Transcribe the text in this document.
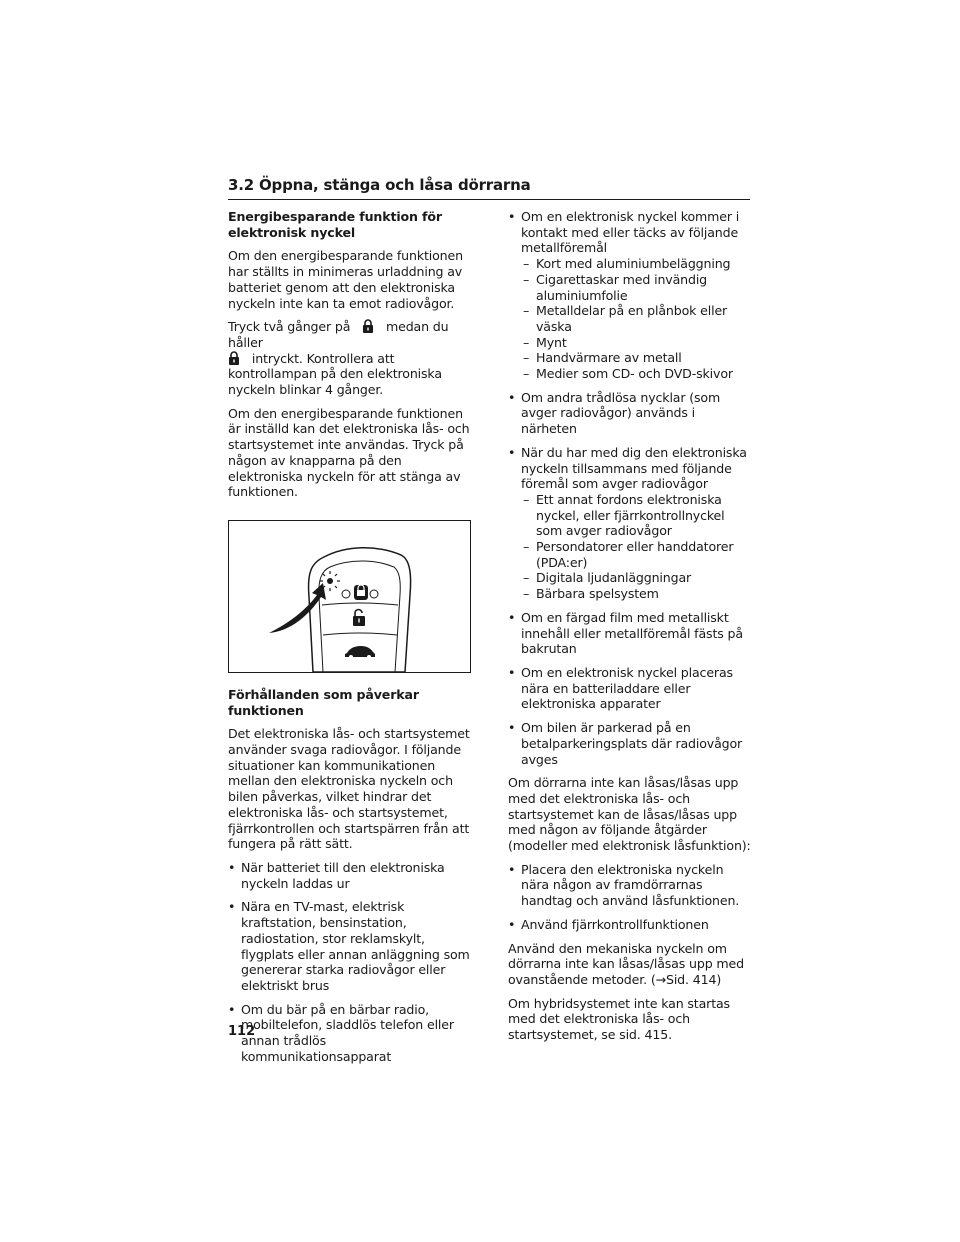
3.2 Öppna, stänga och låsa dörrarna
Energibesparande funktion för elektronisk nyckel

Om den energibesparande funktionen har ställts in minimeras urladdning av batteriet genom att den elektroniska nyckeln inte kan ta emot radiovågor.

Tryck två gånger på	medan du håller
intryckt. Kontrollera att kontrollampan på den elektroniska nyckeln blinkar 4 gånger.

Om den energibesparande funktionen är inställd kan det elektroniska lås- och startsystemet inte användas. Tryck på någon av knapparna på den elektroniska nyckeln för att stänga av funktionen.

Förhållanden som påverkar funktionen

Det elektroniska lås- och startsystemet använder svaga radiovågor. I följande situationer kan kommunikationen mellan den elektroniska nyckeln och bilen påverkas, vilket hindrar det elektroniska lås- och startsystemet, fjärrkontrollen och startspärren från att fungera på rätt sätt.

• När batteriet till den elektroniska nyckeln laddas ur
• Nära en TV-mast, elektrisk kraftstation, bensinstation, radiostation, stor reklamskylt, flygplats eller annan anläggning som genererar starka radiovågor eller elektriskt brus
• Om du bär på en bärbar radio, mobiltelefon, sladdlös telefon eller annan trådlös kommunikationsapparat
• Om en elektronisk nyckel kommer i kontakt med eller täcks av följande metallföremål
– Kort med aluminiumbeläggning
– Cigarettaskar med invändig aluminiumfolie
– Metalldelar på en plånbok eller väska
– Mynt
– Handvärmare av metall
– Medier som CD- och DVD-skivor
• Om andra trådlösa nycklar (som avger radiovågor) används i närheten
• När du har med dig den elektroniska nyckeln tillsammans med följande föremål som avger radiovågor
– Ett annat fordons elektroniska nyckel, eller fjärrkontrollnyckel som avger radiovågor
– Persondatorer eller handdatorer (PDA:er)
– Digitala ljudanläggningar
– Bärbara spelsystem
• Om en färgad film med metalliskt innehåll eller metallföremål fästs på bakrutan
• Om en elektronisk nyckel placeras nära en batteriladdare eller elektroniska apparater
• Om bilen är parkerad på en betalparkeringsplats där radiovågor avges

Om dörrarna inte kan låsas/låsas upp med det elektroniska lås- och startsystemet kan de låsas/låsas upp med någon av följande åtgärder (modeller med elektronisk låsfunktion):

• Placera den elektroniska nyckeln nära någon av framdörrarnas handtag och använd låsfunktionen.
• Använd fjärrkontrollfunktionen

Använd den mekaniska nyckeln om dörrarna inte kan låsas/låsas upp med ovanstående metoder. (→Sid. 414)

Om hybridsystemet inte kan startas med det elektroniska lås- och startsystemet, se sid. 415.

112
